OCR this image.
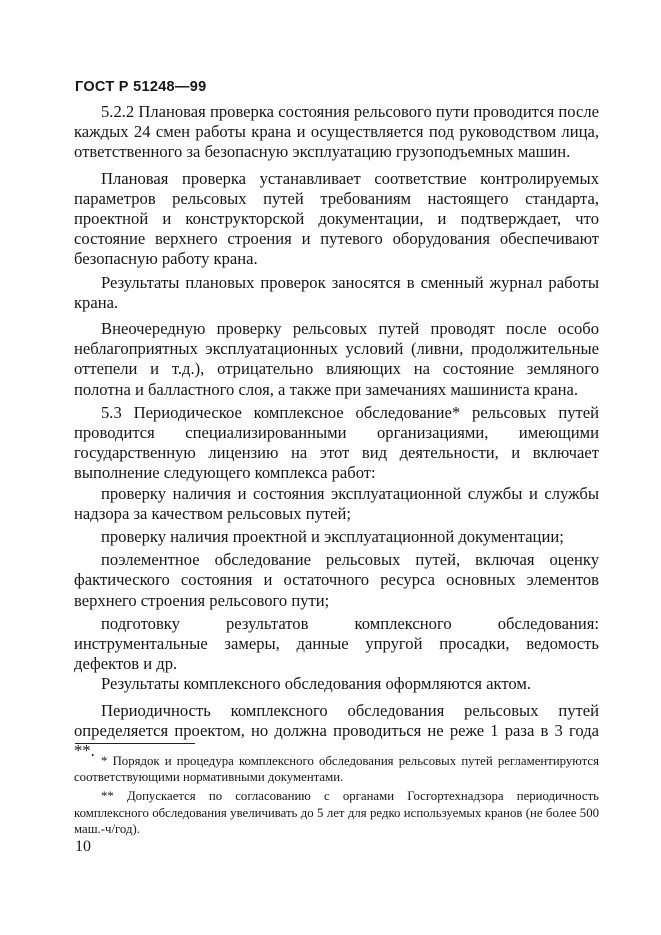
ГОСТ Р 51248—99

5.2.2 Плановая проверка состояния рельсового пути проводится после каждых 24 смен работы крана и осуществляется под руководством лица, ответственного за безопасную эксплуатацию грузоподъемных машин.

Плановая проверка устанавливает соответствие контролируемых параметров рельсовых путей требованиям настоящего стандарта, проектной и конструкторской документации, и подтверждает, что состояние верхнего строения и путевого оборудования обеспечивают безопасную работу крана.

Результаты плановых проверок заносятся в сменный журнал работы крана.

Внеочередную проверку рельсовых путей проводят после особо неблагоприятных эксплуатационных условий (ливни, продолжительные оттепели и т.д.), отрицательно влияющих на состояние земляного полотна и балластного слоя, а также при замечаниях машиниста крана.

5.3 Периодическое комплексное обследование* рельсовых путей проводится специализированными организациями, имеющими государственную лицензию на этот вид деятельности, и включает выполнение следующего комплекса работ:

проверку наличия и состояния эксплуатационной службы и службы надзора за качеством рельсовых путей;

проверку наличия проектной и эксплуатационной документации;

поэлементное обследование рельсовых путей, включая оценку фактического состояния и остаточного ресурса основных элементов верхнего строения рельсового пути;

подготовку результатов комплексного обследования: инструментальные замеры, данные упругой просадки, ведомость дефектов и др.

Результаты комплексного обследования оформляются актом.

Периодичность комплексного обследования рельсовых путей определяется проектом, но должна проводиться не реже 1 раза в 3 года **.

* Порядок и процедура комплексного обследования рельсовых путей регламентируются соответствующими нормативными документами.

** Допускается по согласованию с органами Госгортехнадзора периодичность комплексного обследования увеличивать до 5 лет для редко используемых кранов (не более 500 маш.-ч/год).

10
